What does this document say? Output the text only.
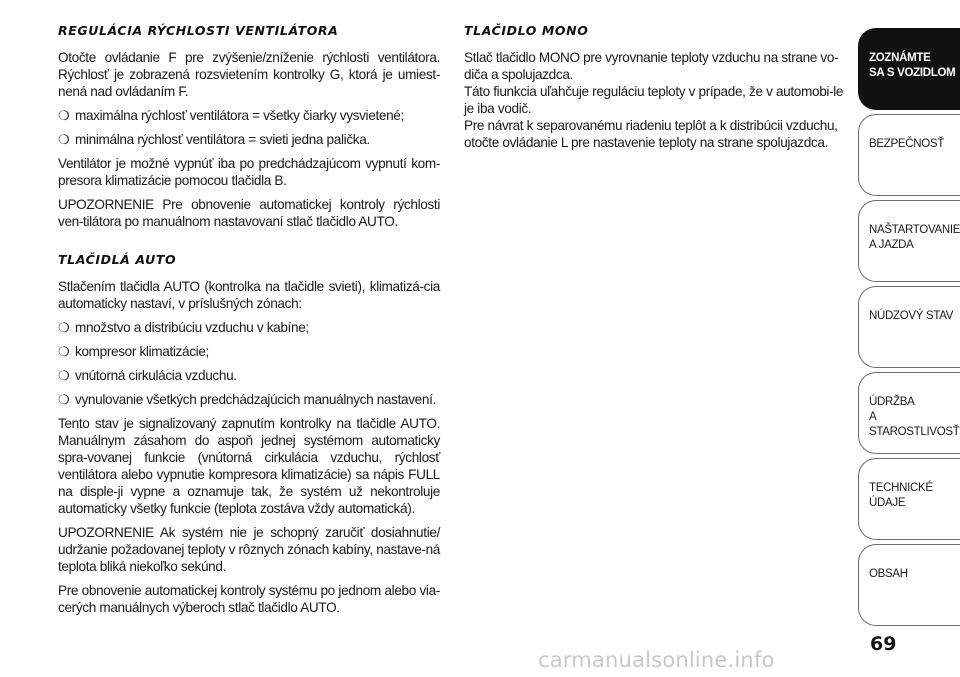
REGULÁCIA RÝCHLOSTI VENTILÁTORA

Otočte ovládanie F pre zvýšenie/zníženie rýchlosti ventilátora. Rýchlosť je zobrazená rozsvietením kontrolky G, ktorá je umiest-nená nad ovládaním F.

❍ maximálna rýchlosť ventilátora = všetky čiarky vysvietené;
❍ minimálna rýchlosť ventilátora = svieti jedna palička.

Ventilátor je možné vypnúť iba po predchádzajúcom vypnutí kom-presora klimatizácie pomocou tlačidla B.

UPOZORNENIE Pre obnovenie automatickej kontroly rýchlosti ven-tilátora po manuálnom nastavovaní stlač tlačidlo AUTO.

TLAČIDLÁ AUTO

Stlačením tlačidla AUTO (kontrolka na tlačidle svieti), klimatizá-cia automaticky nastaví, v príslušných zónach:

❍ množstvo a distribúciu vzduchu v kabíne;
❍ kompresor klimatizácie;
❍ vnútorná cirkulácia vzduchu.
❍ vynulovanie všetkých predchádzajúcich manuálnych nastavení.

Tento stav je signalizovaný zapnutím kontrolky na tlačidle AUTO. Manuálnym zásahom do aspoň jednej systémom automaticky spra-vovanej funkcie (vnútorná cirkulácia vzduchu, rýchlosť ventilátora alebo vypnutie kompresora klimatizácie) sa nápis FULL na disple-ji vypne a oznamuje tak, že systém už nekontroluje automaticky všetky funkcie (teplota zostáva vždy automatická).

UPOZORNENIE Ak systém nie je schopný zaručiť dosiahnutie/ udržanie požadovanej teploty v rôznych zónach kabíny, nastave-ná teplota bliká niekoľko sekúnd.

Pre obnovenie automatickej kontroly systému po jednom alebo via-cerých manuálnych výberoch stlač tlačidlo AUTO.

TLAČIDLO MONO
Stlač tlačidlo MONO pre vyrovnanie teploty vzduchu na strane vo-diča a spolujazdca.
Táto fiunkcia uľahčuje reguláciu teploty v prípade, že v automobi-le je iba vodič.
Pre návrat k separovanému riadeniu teplôt a k distribúcii vzduchu, otočte ovládanie L pre nastavenie teploty na strane spolujazdca.
ZOZNÁMTE
SA S VOZIDLOM
BEZPEČNOSŤ
NAŠTARTOVANIE
A JAZDA
NÚDZOVÝ STAV
ÚDRŽBA
A STAROSTLIVOSŤ
TECHNICKÉ
ÚDAJE
OBSAH
69
carmanualsonline.info
